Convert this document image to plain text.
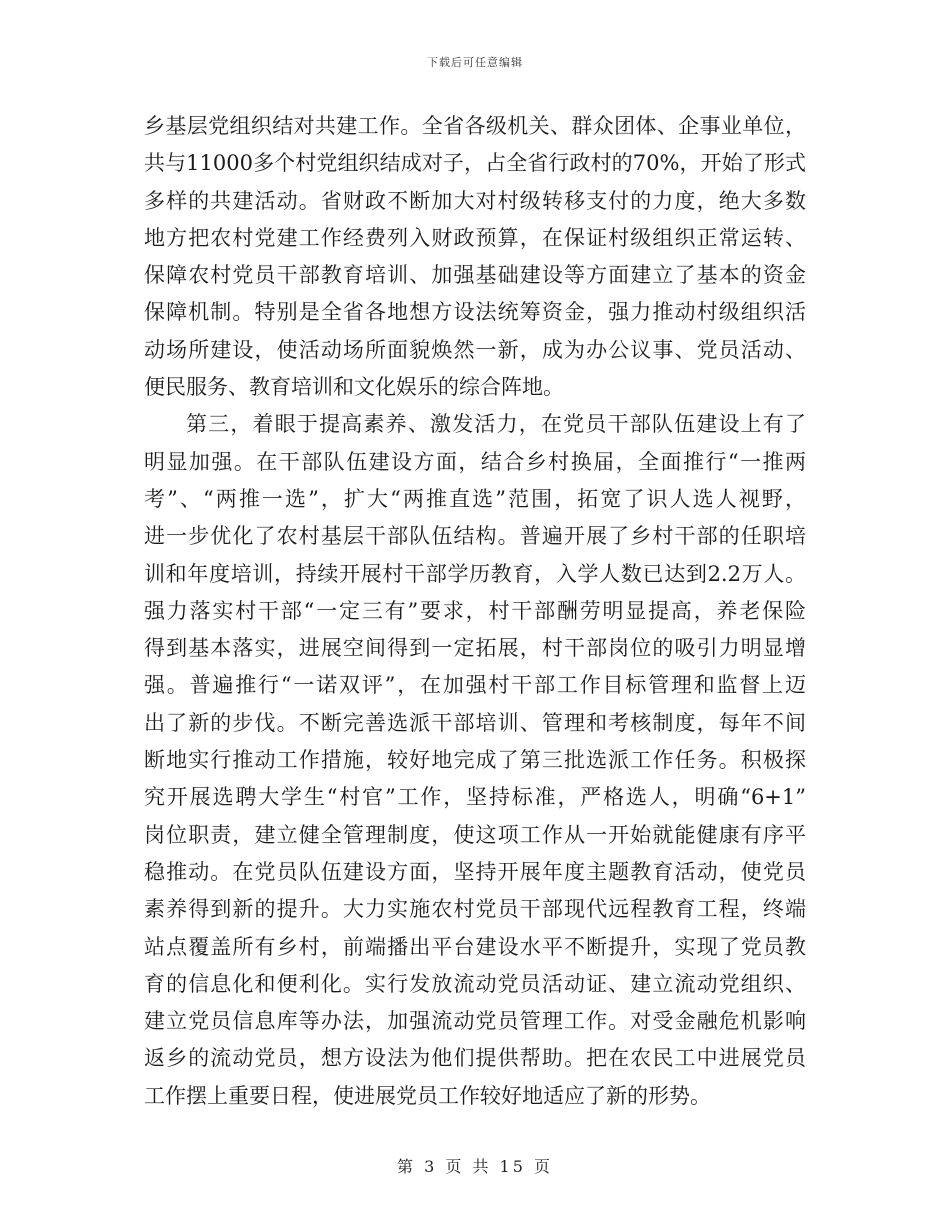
下载后可任意编辑
乡基层党组织结对共建工作。全省各级机关、群众团体、企事业单位，
共与11000多个村党组织结成对子，占全省行政村的70%，开始了形式
多样的共建活动。省财政不断加大对村级转移支付的力度，绝大多数
地方把农村党建工作经费列入财政预算，在保证村级组织正常运转、
保障农村党员干部教育培训、加强基础建设等方面建立了基本的资金
保障机制。特别是全省各地想方设法统筹资金，强力推动村级组织活
动场所建设，使活动场所面貌焕然一新，成为办公议事、党员活动、
便民服务、教育培训和文化娱乐的综合阵地。
第三，着眼于提高素养、激发活力，在党员干部队伍建设上有了
明显加强。在干部队伍建设方面，结合乡村换届，全面推行“一推两
考”、“两推一选”，扩大“两推直选”范围，拓宽了识人选人视野，
进一步优化了农村基层干部队伍结构。普遍开展了乡村干部的任职培
训和年度培训，持续开展村干部学历教育，入学人数已达到2.2万人。
强力落实村干部“一定三有”要求，村干部酬劳明显提高，养老保险
得到基本落实，进展空间得到一定拓展，村干部岗位的吸引力明显增
强。普遍推行“一诺双评”，在加强村干部工作目标管理和监督上迈
出了新的步伐。不断完善选派干部培训、管理和考核制度，每年不间
断地实行推动工作措施，较好地完成了第三批选派工作任务。积极探
究开展选聘大学生“村官”工作，坚持标准，严格选人，明确“6+1”
岗位职责，建立健全管理制度，使这项工作从一开始就能健康有序平
稳推动。在党员队伍建设方面，坚持开展年度主题教育活动，使党员
素养得到新的提升。大力实施农村党员干部现代远程教育工程，终端
站点覆盖所有乡村，前端播出平台建设水平不断提升，实现了党员教
育的信息化和便利化。实行发放流动党员活动证、建立流动党组织、
建立党员信息库等办法，加强流动党员管理工作。对受金融危机影响
返乡的流动党员，想方设法为他们提供帮助。把在农民工中进展党员
工作摆上重要日程，使进展党员工作较好地适应了新的形势。
第 3 页 共 15 页
